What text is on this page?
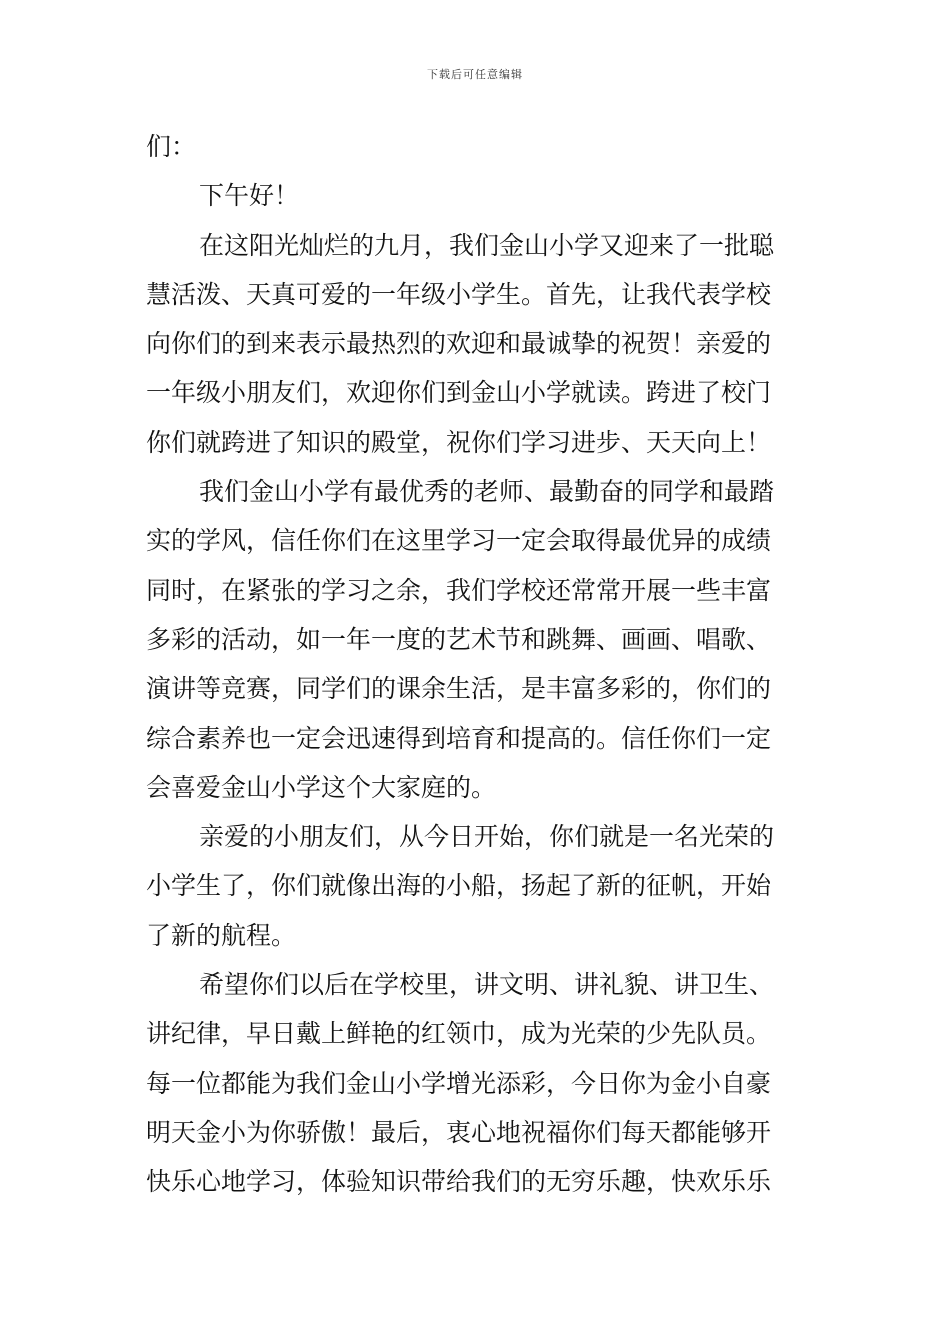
下载后可任意编辑
们：
下午好！
在这阳光灿烂的九月，我们金山小学又迎来了一批聪
慧活泼、天真可爱的一年级小学生。首先，让我代表学校
向你们的到来表示最热烈的欢迎和最诚挚的祝贺！亲爱的
一年级小朋友们，欢迎你们到金山小学就读。跨进了校门
你们就跨进了知识的殿堂，祝你们学习进步、天天向上！
我们金山小学有最优秀的老师、最勤奋的同学和最踏
实的学风，信任你们在这里学习一定会取得最优异的成绩
同时，在紧张的学习之余，我们学校还常常开展一些丰富
多彩的活动，如一年一度的艺术节和跳舞、画画、唱歌、
演讲等竞赛，同学们的课余生活，是丰富多彩的，你们的
综合素养也一定会迅速得到培育和提高的。信任你们一定
会喜爱金山小学这个大家庭的。
亲爱的小朋友们，从今日开始，你们就是一名光荣的
小学生了，你们就像出海的小船，扬起了新的征帆，开始
了新的航程。
希望你们以后在学校里，讲文明、讲礼貌、讲卫生、
讲纪律，早日戴上鲜艳的红领巾，成为光荣的少先队员。
每一位都能为我们金山小学增光添彩，今日你为金小自豪
明天金小为你骄傲！最后，衷心地祝福你们每天都能够开
快乐心地学习，体验知识带给我们的无穷乐趣，快欢乐乐
